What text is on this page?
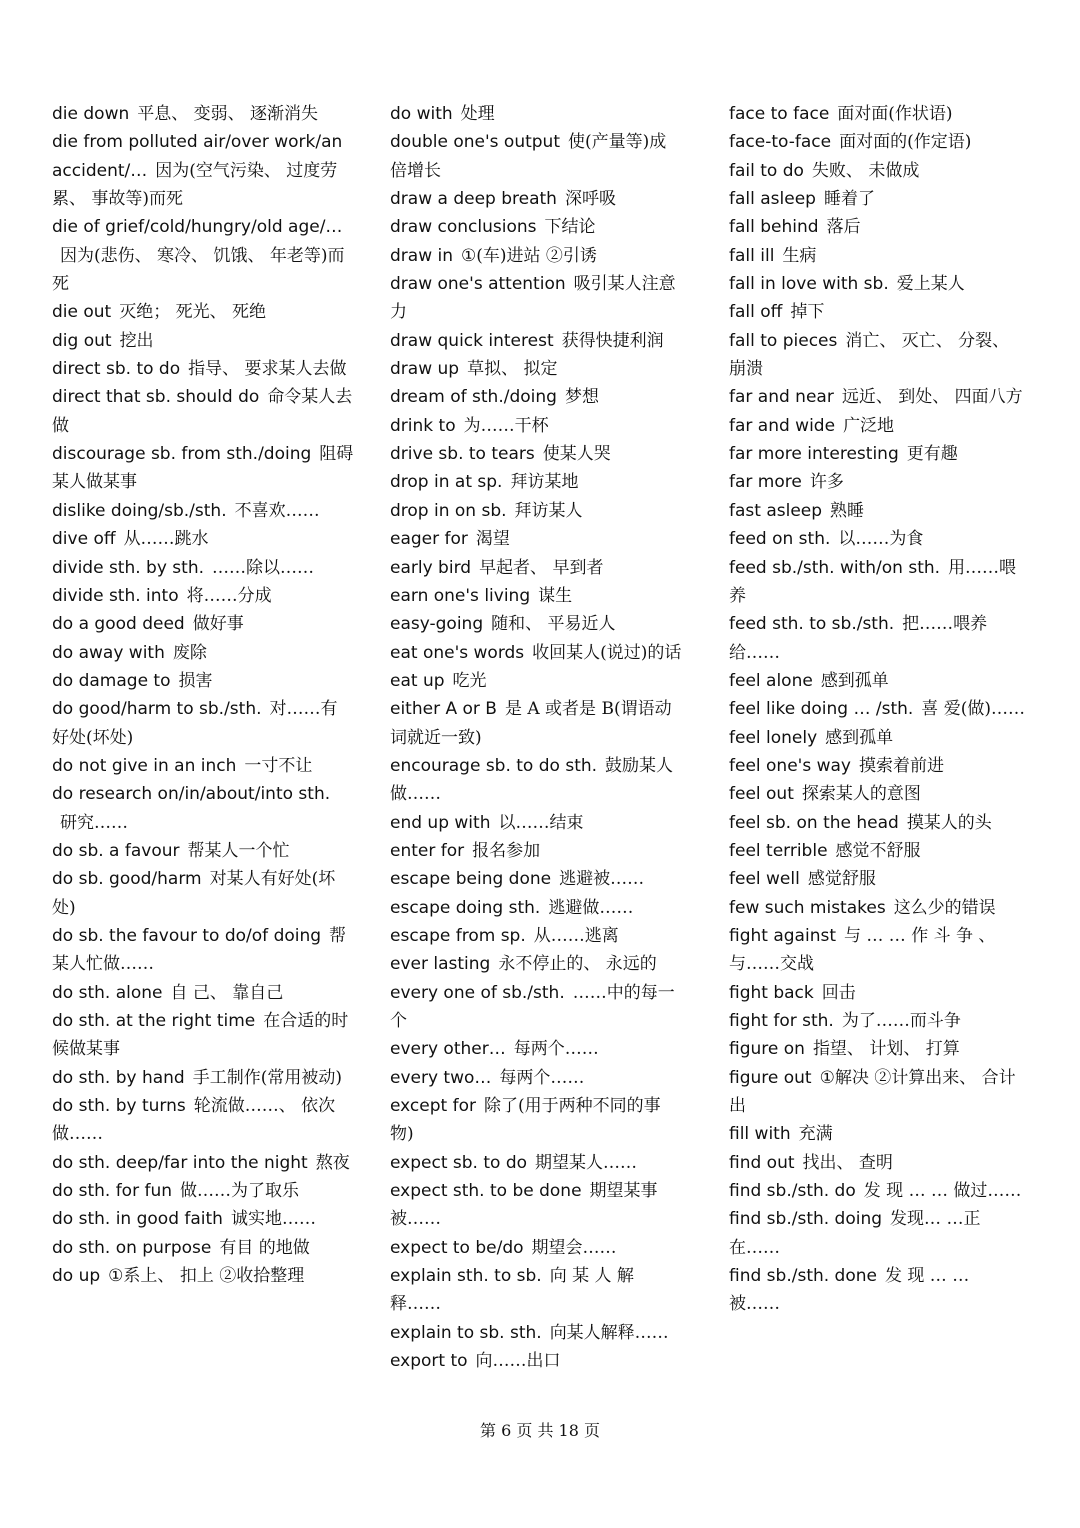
die down 平息、 变弱、 逐渐消失

die from polluted air/over work/an accident/… 因为(空气污染、 过度劳累、 事故等)而死

die of grief/cold/hungry/old age/…因为(悲伤、 寒冷、 饥饿、 年老等)而死

die out 灭绝； 死光、 死绝

dig out 挖出

direct sb. to do 指导、 要求某人去做

direct that sb. should do 命令某人去做

discourage sb. from sth./doing 阻碍某人做某事

dislike doing/sb./sth. 不喜欢……

dive off 从……跳水

divide sth. by sth. ……除以……

divide sth. into 将……分成

do a good deed 做好事

do away with 废除

do damage to 损害

do good/harm to sb./sth. 对……有好处(坏处)

do not give in an inch 一寸不让

do research on/in/about/into sth.研究……

do sb. a favour 帮某人一个忙

do sb. good/harm 对某人有好处(坏处)

do sb. the favour to do/of doing 帮某人忙做……

do sth. alone 自 己、 靠自己

do sth. at the right time 在合适的时候做某事

do sth. by hand 手工制作(常用被动)

do sth. by turns 轮流做……、 依次做……

do sth. deep/far into the night 熬夜

do sth. for fun 做……为了取乐

do sth. in good faith 诚实地……

do sth. on purpose 有目 的地做

do up ①系上、 扣上 ②收拾整理

do with 处理

double one's output 使(产量等)成倍增长

draw a deep breath 深呼吸

draw conclusions 下结论

draw in ①(车)进站 ②引诱

draw one's attention 吸引某人注意力

draw quick interest 获得快捷利润

draw up 草拟、 拟定

dream of sth./doing 梦想

drink to 为……干杯

drive sb. to tears 使某人哭

drop in at sp. 拜访某地

drop in on sb. 拜访某人

eager for 渴望

early bird 早起者、 早到者

earn one's living 谋生

easy-going 随和、 平易近人

eat one's words 收回某人(说过)的话

eat up 吃光

either A or B 是 A 或者是 B(谓语动词就近一致)

encourage sb. to do sth. 鼓励某人做……

end up with 以……结束

enter for 报名参加

escape being done 逃避被……

escape doing sth. 逃避做……

escape from sp. 从……逃离

ever lasting 永不停止的、 永远的

every one of sb./sth. ……中的每一个

every other… 每两个……

every two… 每两个……

except for 除了(用于两种不同的事物)

expect sb. to do 期望某人……

expect sth. to be done 期望某事被……

expect to be/do 期望会……

explain sth. to sb. 向 某 人 解 释……

explain to sb. sth. 向某人解释……

export to 向……出口

face to face 面对面(作状语)

face-to-face 面对面的(作定语)

fail to do 失败、 未做成

fall asleep 睡着了

fall behind 落后

fall ill 生病

fall in love with sb. 爱上某人

fall off 掉下

fall to pieces 消亡、 灭亡、 分裂、 崩溃

far and near 远近、 到处、 四面八方

far and wide 广泛地

far more interesting 更有趣

far more 许多

fast asleep 熟睡

feed on sth. 以……为食

feed sb./sth. with/on sth. 用……喂养

feed sth. to sb./sth. 把……喂养给……

feel alone 感到孤单

feel like doing … /sth. 喜 爱(做)……

feel lonely 感到孤单

feel one's way 摸索着前进

feel out 探索某人的意图

feel sb. on the head 摸某人的头

feel terrible 感觉不舒服

feel well 感觉舒服

few such mistakes 这么少的错误

fight against 与 … … 作 斗 争 、 与……交战

fight back 回击

fight for sth. 为了……而斗争

figure on 指望、 计划、 打算

figure out ①解决 ②计算出来、 合计出

fill with 充满

find out 找出、 查明

find sb./sth. do 发 现 … … 做过……

find sb./sth. doing 发现… …正在……

find sb./sth. done 发 现 … … 被……

第 6 页 共 18 页
